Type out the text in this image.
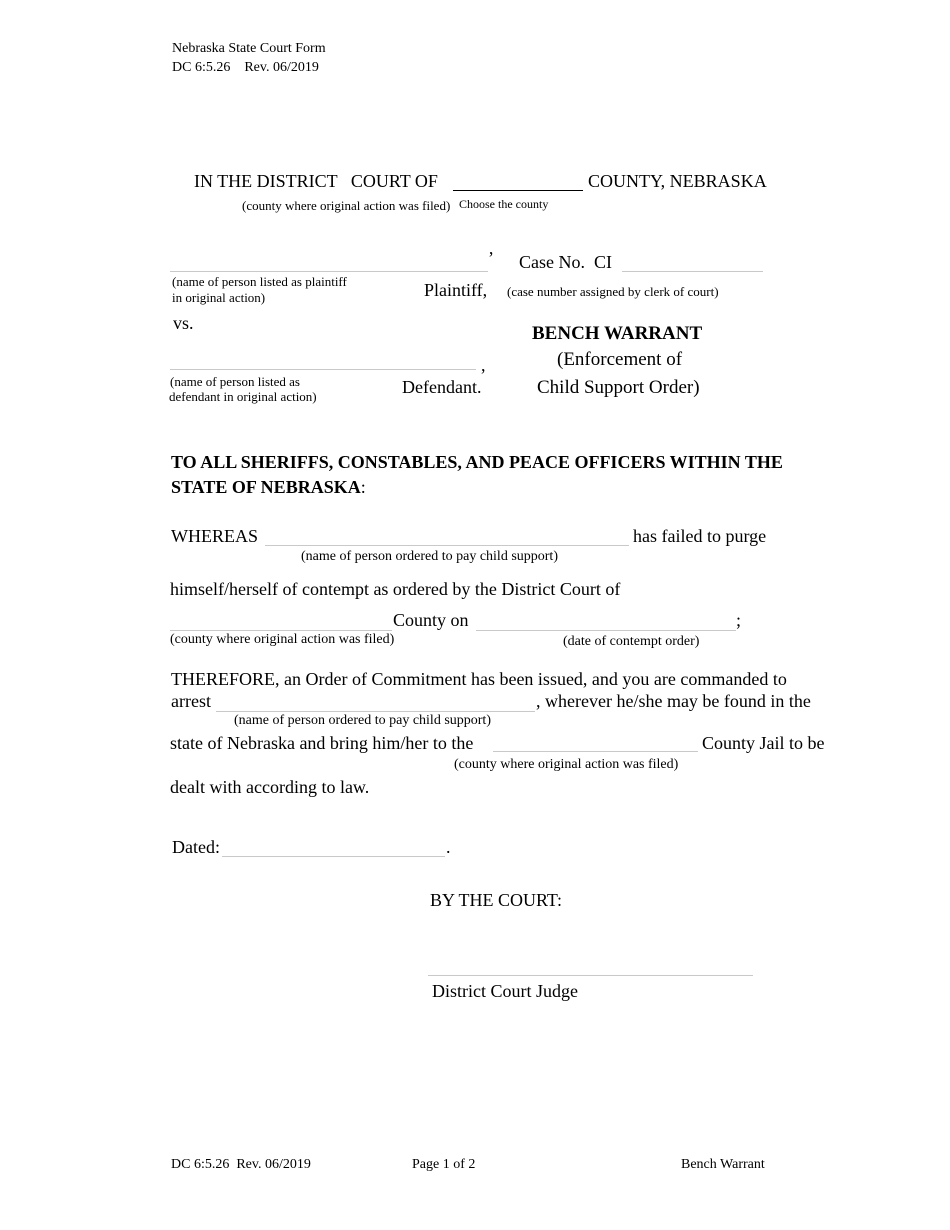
Nebraska State Court Form
DC 6:5.26    Rev. 06/2019
IN THE DISTRICT   COURT OF	COUNTY, NEBRASKA
(county where original action was filed) Choose the county
’
(name of person listed as plaintiff
in original action)	Plaintiff,
Case No.  CI
(case number assigned by clerk of court)
vs.	BENCH WARRANT
(Enforcement of
Child Support Order)
,
(name of person listed as
defendant in original action)	Defendant.
TO ALL SHERIFFS, CONSTABLES, AND PEACE OFFICERS WITHIN THE
STATE OF NEBRASKA:
WHEREAS	has failed to purge
(name of person ordered to pay child support)
himself/herself of contempt as ordered by the District Court of
County on	;
(county where original action was filed)	(date of contempt order)
THEREFORE, an Order of Commitment has been issued, and you are commanded to
arrest	, wherever he/she may be found in the
(name of person ordered to pay child support)
state of Nebraska and bring him/her to the	County Jail to be
(county where original action was filed)
dealt with according to law.
Dated:	.
BY THE COURT:
District Court Judge
DC 6:5.26  Rev. 06/2019	Page 1 of 2	Bench Warrant
